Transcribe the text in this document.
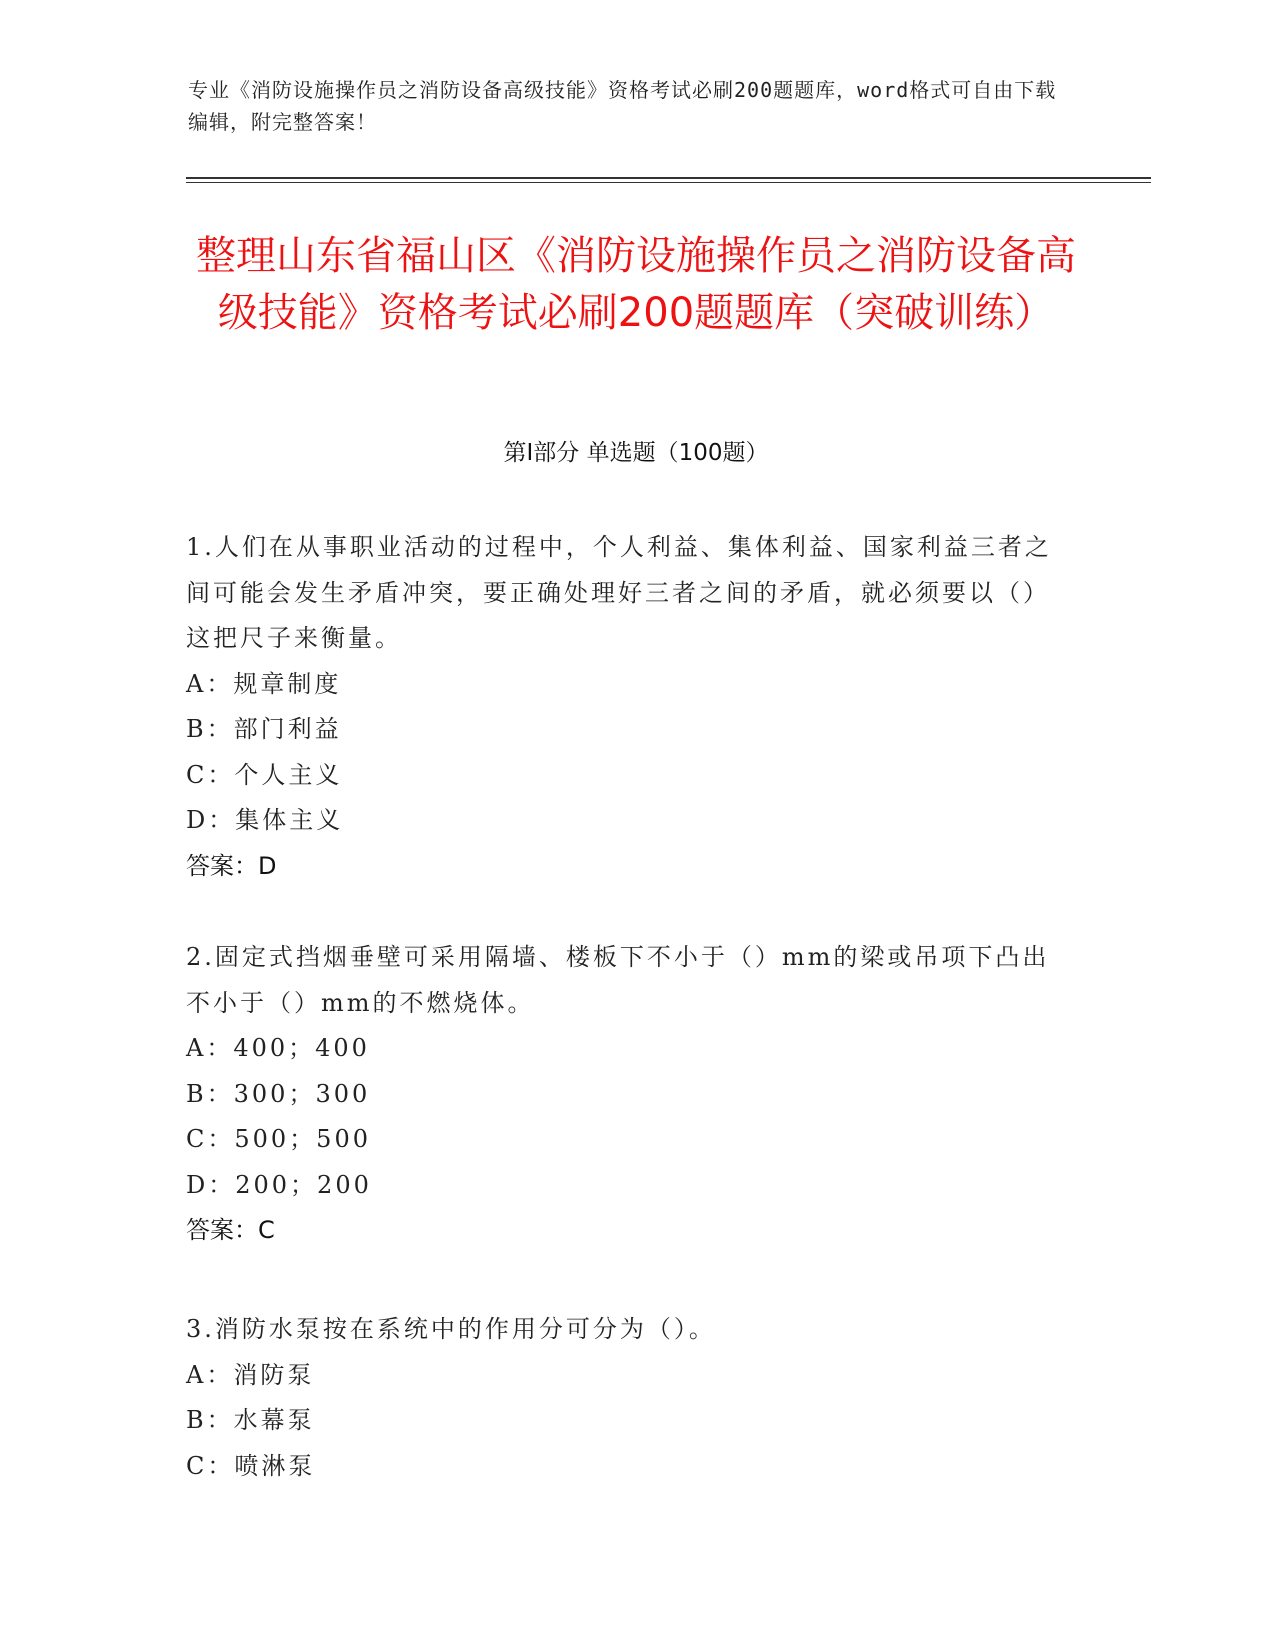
专业《消防设施操作员之消防设备高级技能》资格考试必刷200题题库，word格式可自由下载编辑，附完整答案！
整理山东省福山区《消防设施操作员之消防设备高级技能》资格考试必刷200题题库（突破训练）
第Ⅰ部分 单选题（100题）
1.人们在从事职业活动的过程中，个人利益、集体利益、国家利益三者之间可能会发生矛盾冲突，要正确处理好三者之间的矛盾，就必须要以（）这把尺子来衡量。
A：规章制度
B：部门利益
C：个人主义
D：集体主义
答案：D
2.固定式挡烟垂壁可采用隔墙、楼板下不小于（）mm的梁或吊项下凸出不小于（）mm的不燃烧体。
A：400；400
B：300；300
C：500；500
D：200；200
答案：C
3.消防水泵按在系统中的作用分可分为（）。
A：消防泵
B：水幕泵
C：喷淋泵
